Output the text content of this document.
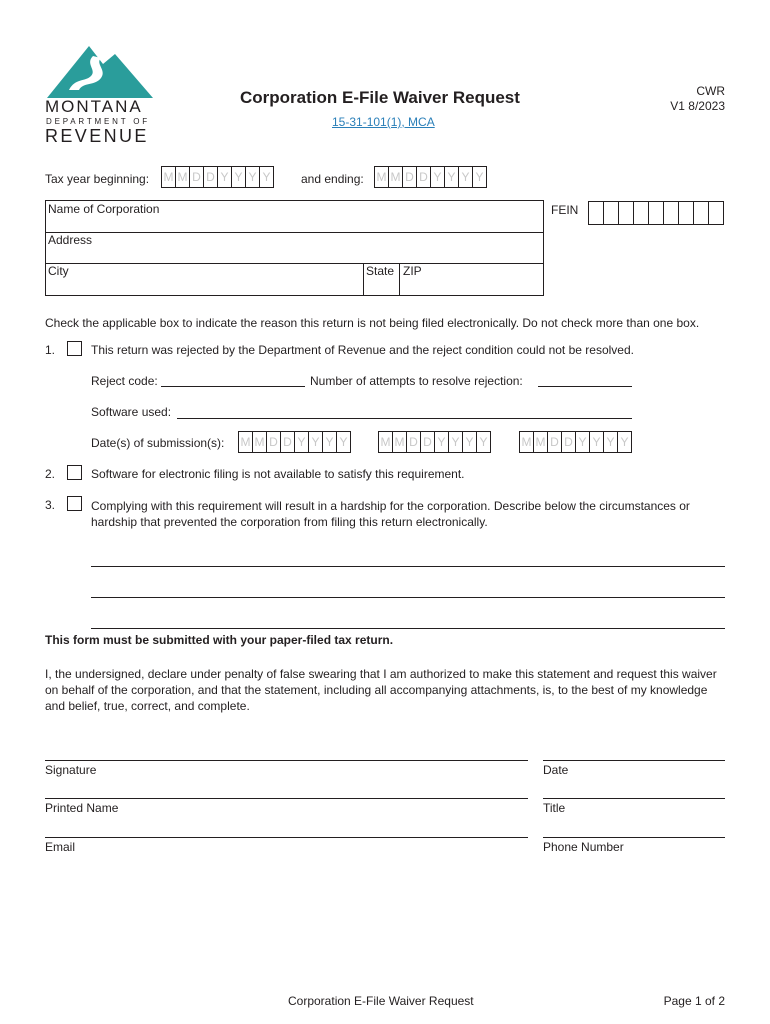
MONTANA
DEPARTMENT OF
REVENUE
Corporation E-File Waiver Request
15-31-101(1), MCA
CWR
V1 8/2023
Tax year beginning: M M D D Y Y Y Y	and ending: M M D D Y Y Y Y
Name of Corporation
Address
City	State ZIP
FEIN
Check the applicable box to indicate the reason this return is not being filed electronically. Do not check more than one box.
1.	This return was rejected by the Department of Revenue and the reject condition could not be resolved.
Reject code:	Number of attempts to resolve rejection:
Software used:
Date(s) of submission(s): M M D D Y Y Y Y	M M D D Y Y Y Y	M M D D Y Y Y Y
2.	Software for electronic filing is not available to satisfy this requirement.
3.	Complying with this requirement will result in a hardship for the corporation. Describe below the circumstances or hardship that prevented the corporation from filing this return electronically.
This form must be submitted with your paper-filed tax return.
I, the undersigned, declare under penalty of false swearing that I am authorized to make this statement and request this waiver on behalf of the corporation, and that the statement, including all accompanying attachments, is, to the best of my knowledge and belief, true, correct, and complete.
Signature	Date
Printed Name	Title
Email	Phone Number
Corporation E-File Waiver Request	Page 1 of 2
